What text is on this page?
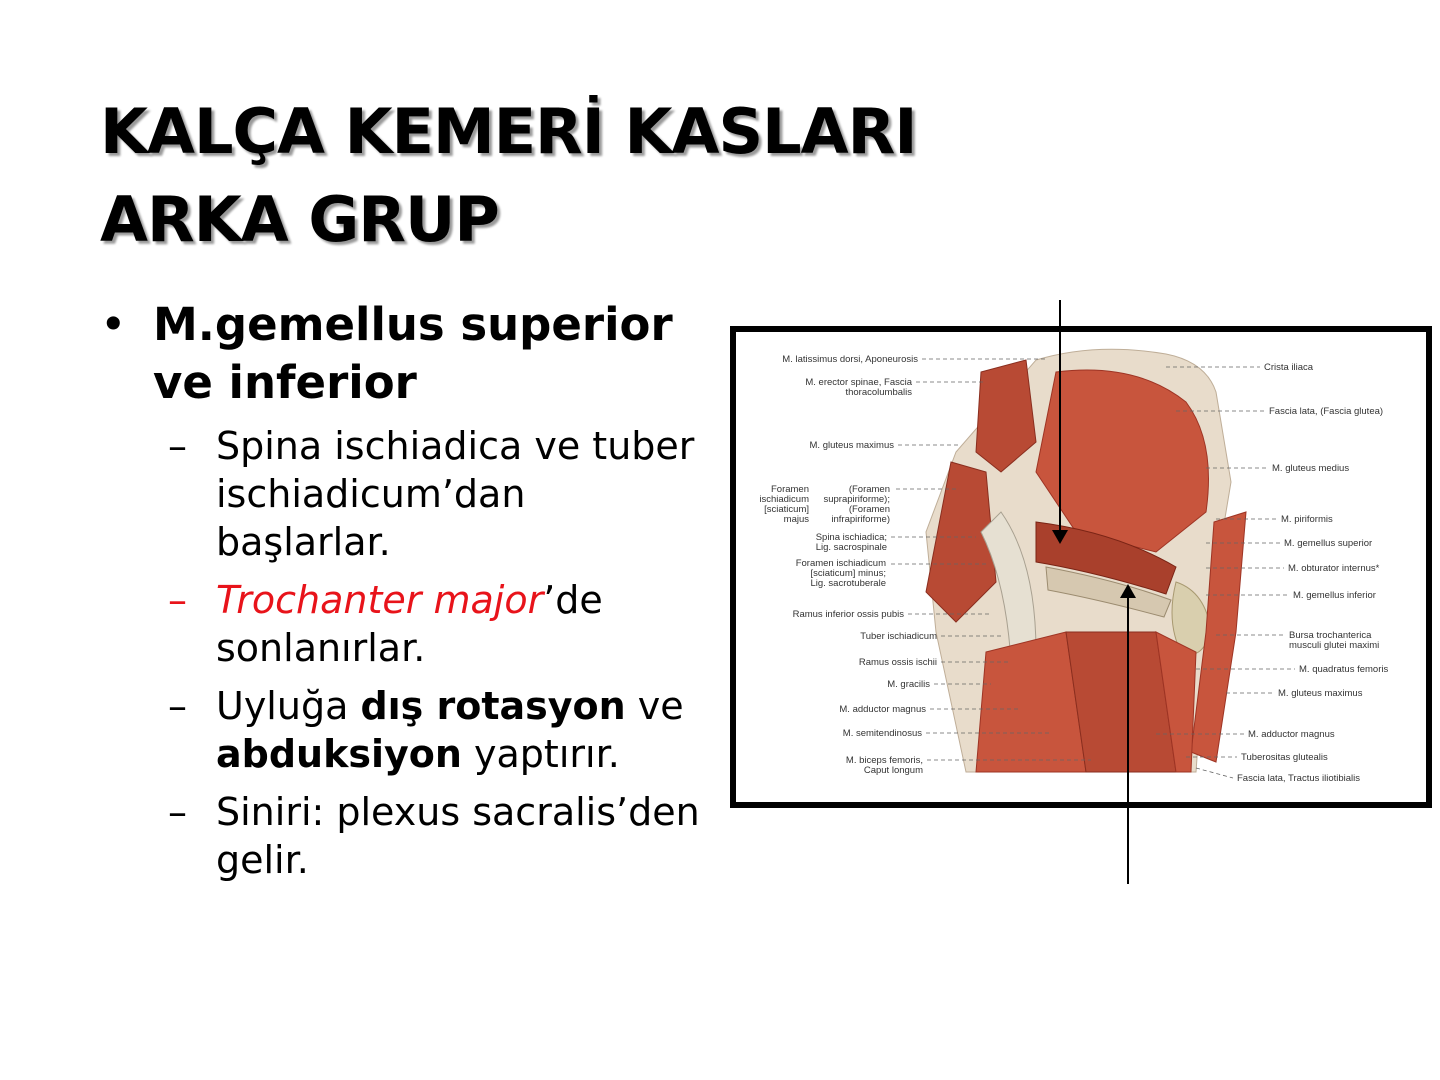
KALÇA KEMERİ KASLARI
ARKA GRUP
• M.gemellus superior ve inferior
– Spina ischiadica ve tuber ischiadicum’dan başlarlar.
– Trochanter major’de sonlanırlar.
– Uyluğa dış rotasyon ve abduksiyon yaptırır.
– Siniri: plexus sacralis’den gelir.
M. latissimus dorsi, Aponeurosis
M. erector spinae, Fascia
thoracolumbalis
M. gluteus maximus
Foramen
ischiadicum
[sciaticum]
majus
(Foramen
suprapiriforme);
(Foramen
infrapiriforme)
Spina ischiadica;
Lig. sacrospinale
Foramen ischiadicum
[sciaticum] minus;
Lig. sacrotuberale
Ramus inferior ossis pubis
Tuber ischiadicum
Ramus ossis ischii
M. gracilis
M. adductor magnus
M. semitendinosus
M. biceps femoris,
Caput longum
Crista iliaca
Fascia lata, (Fascia glutea)
M. gluteus medius
M. piriformis
M. gemellus superior
M. obturator internus*
M. gemellus inferior
Bursa trochanterica
musculi glutei maximi
M. quadratus femoris
M. gluteus maximus
M. adductor magnus
Tuberositas glutealis
Fascia lata, Tractus iliotibialis
